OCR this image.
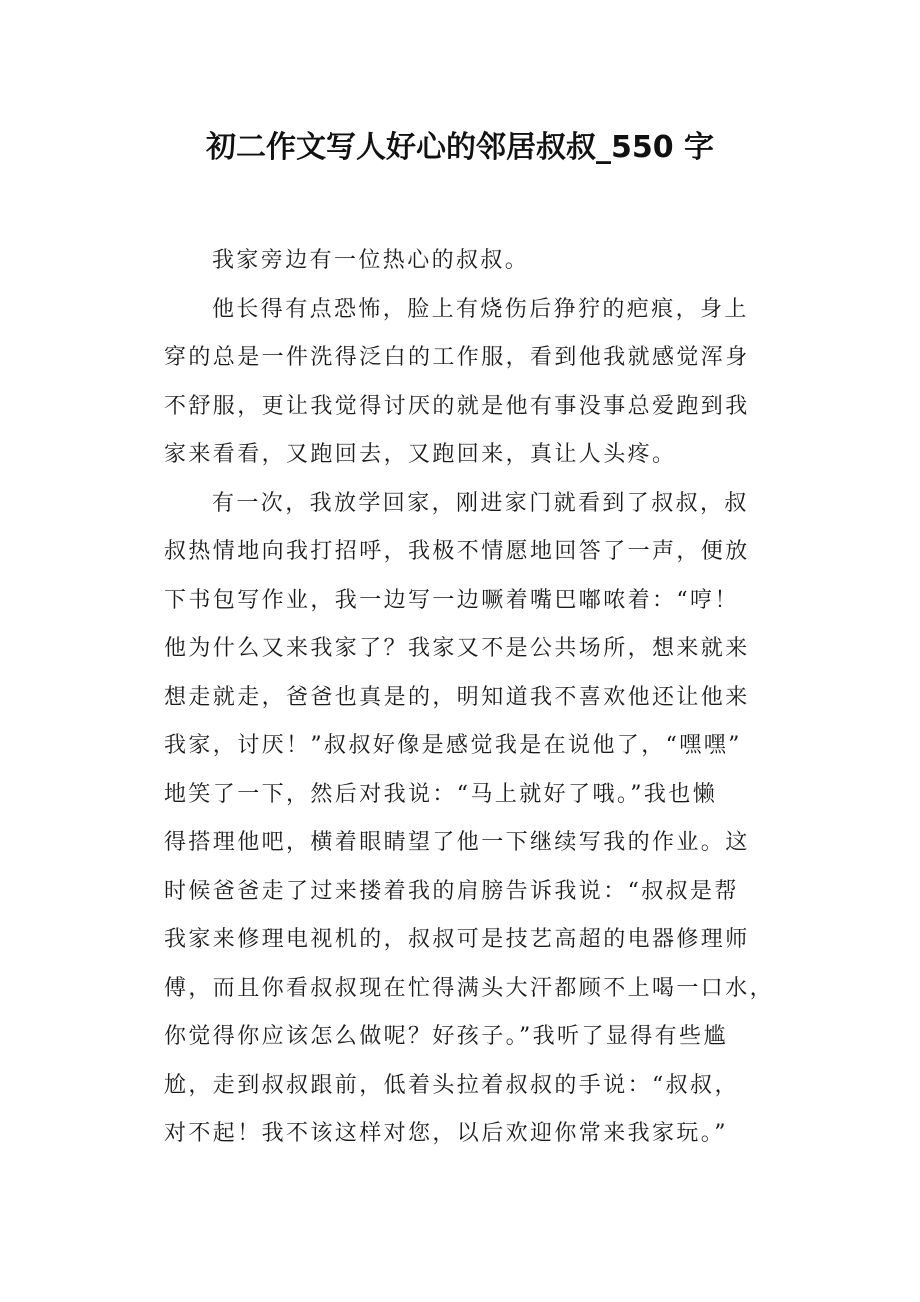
初二作文写人好心的邻居叔叔_550 字

我家旁边有一位热心的叔叔。

他长得有点恐怖，脸上有烧伤后狰狞的疤痕，身上

穿的总是一件洗得泛白的工作服，看到他我就感觉浑身

不舒服，更让我觉得讨厌的就是他有事没事总爱跑到我

家来看看，又跑回去，又跑回来，真让人头疼。

有一次，我放学回家，刚进家门就看到了叔叔，叔

叔热情地向我打招呼，我极不情愿地回答了一声，便放

下书包写作业，我一边写一边噘着嘴巴嘟哝着：“哼！

他为什么又来我家了？我家又不是公共场所，想来就来

想走就走，爸爸也真是的，明知道我不喜欢他还让他来

我家，讨厌！”叔叔好像是感觉我是在说他了，“嘿嘿”

地笑了一下，然后对我说：“马上就好了哦。”我也懒

得搭理他吧，横着眼睛望了他一下继续写我的作业。这

时候爸爸走了过来搂着我的肩膀告诉我说：“叔叔是帮

我家来修理电视机的，叔叔可是技艺高超的电器修理师

傅，而且你看叔叔现在忙得满头大汗都顾不上喝一口水，

你觉得你应该怎么做呢？好孩子。”我听了显得有些尴

尬，走到叔叔跟前，低着头拉着叔叔的手说：“叔叔，

对不起！我不该这样对您，以后欢迎你常来我家玩。”
